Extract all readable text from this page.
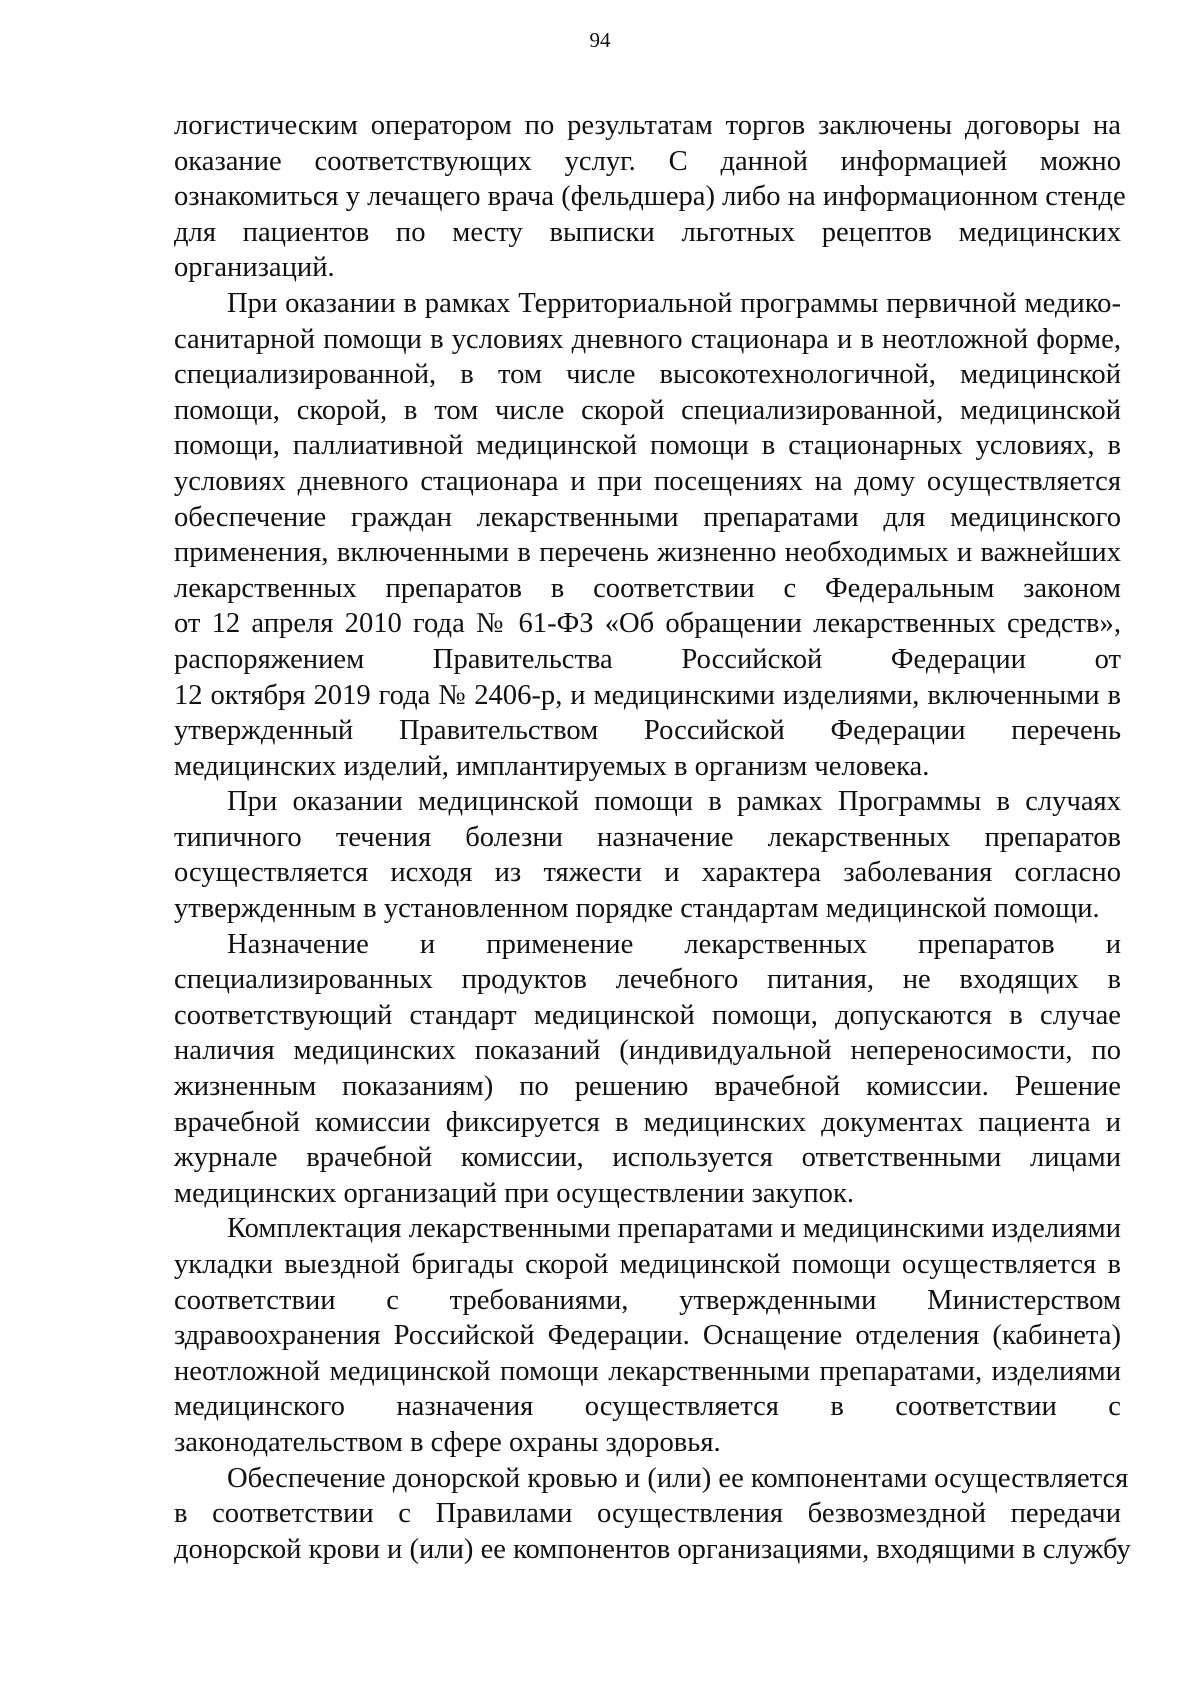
94

логистическим оператором по результатам торгов заключены договоры на
оказание соответствующих услуг. С данной информацией можно
ознакомиться у лечащего врача (фельдшера) либо на информационном стенде
для пациентов по месту выписки льготных рецептов медицинских
организаций.

При оказании в рамках Территориальной программы первичной медико-
санитарной помощи в условиях дневного стационара и в неотложной форме,
специализированной, в том числе высокотехнологичной, медицинской
помощи, скорой, в том числе скорой специализированной, медицинской
помощи, паллиативной медицинской помощи в стационарных условиях, в
условиях дневного стационара и при посещениях на дому осуществляется
обеспечение граждан лекарственными препаратами для медицинского
применения, включенными в перечень жизненно необходимых и важнейших
лекарственных препаратов в соответствии с Федеральным законом
от 12 апреля 2010 года № 61-ФЗ «Об обращении лекарственных средств»,
распоряжением Правительства Российской Федерации от
12 октября 2019 года № 2406-р, и медицинскими изделиями, включенными в
утвержденный Правительством Российской Федерации перечень
медицинских изделий, имплантируемых в организм человека.

При оказании медицинской помощи в рамках Программы в случаях
типичного течения болезни назначение лекарственных препаратов
осуществляется исходя из тяжести и характера заболевания согласно
утвержденным в установленном порядке стандартам медицинской помощи.

Назначение и применение лекарственных препаратов и
специализированных продуктов лечебного питания, не входящих в
соответствующий стандарт медицинской помощи, допускаются в случае
наличия медицинских показаний (индивидуальной непереносимости, по
жизненным показаниям) по решению врачебной комиссии. Решение
врачебной комиссии фиксируется в медицинских документах пациента и
журнале врачебной комиссии, используется ответственными лицами
медицинских организаций при осуществлении закупок.

Комплектация лекарственными препаратами и медицинскими изделиями
укладки выездной бригады скорой медицинской помощи осуществляется в
соответствии с требованиями, утвержденными Министерством
здравоохранения Российской Федерации. Оснащение отделения (кабинета)
неотложной медицинской помощи лекарственными препаратами, изделиями
медицинского назначения осуществляется в соответствии с
законодательством в сфере охраны здоровья.

Обеспечение донорской кровью и (или) ее компонентами осуществляется
в соответствии с Правилами осуществления безвозмездной передачи
донорской крови и (или) ее компонентов организациями, входящими в службу
